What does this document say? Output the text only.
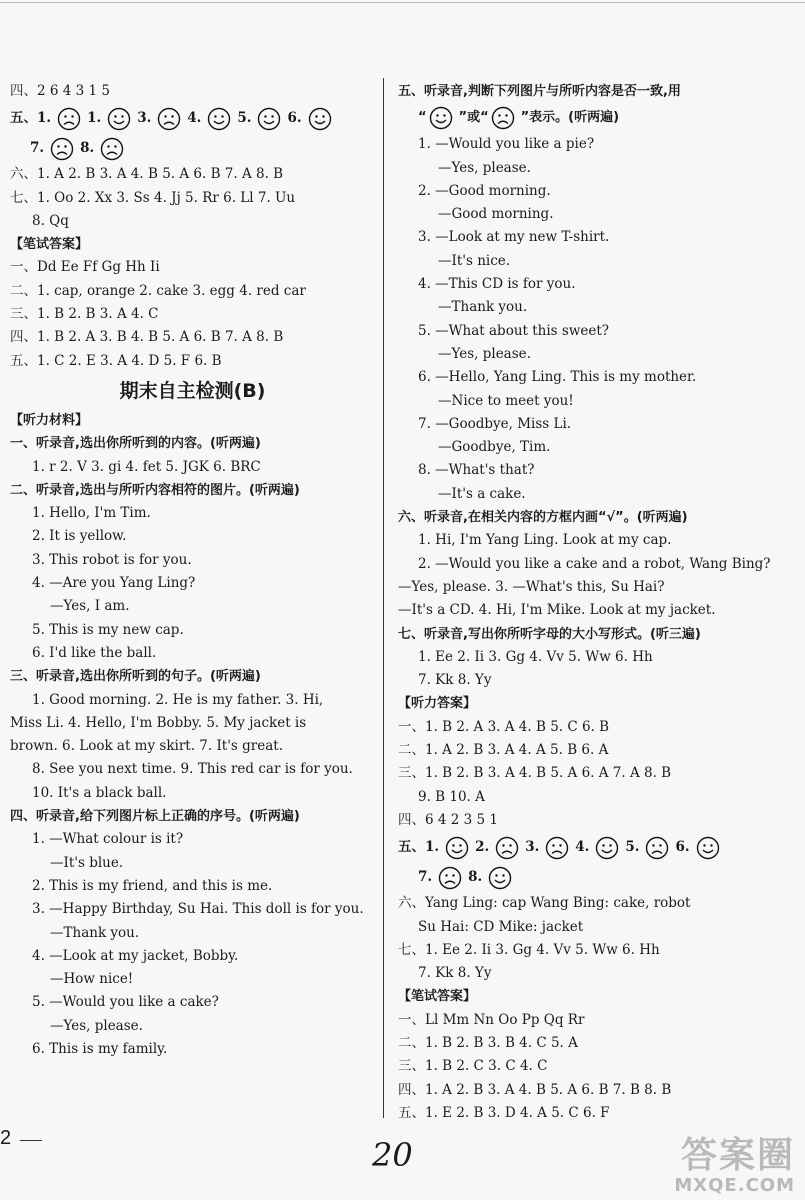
四、2 6 4 3 1 5
五、1.	1.	3.	4.	5.	6.
7.	8.
六、1. A 2. B 3. A 4. B 5. A 6. B 7. A 8. B
七、1. Oo 2. Xx 3. Ss 4. Jj 5. Rr 6. Ll 7. Uu
8. Qq
【笔试答案】
一、Dd Ee Ff Gg Hh Ii
二、1. cap, orange 2. cake 3. egg 4. red car
三、1. B 2. B 3. A 4. C
四、1. B 2. A 3. B 4. B 5. A 6. B 7. A 8. B
五、1. C 2. E 3. A 4. D 5. F 6. B
期末自主检测(B)
【听力材料】
一、听录音,选出你所听到的内容。(听两遍)
1. r 2. V 3. gi 4. fet 5. JGK 6. BRC
二、听录音,选出与所听内容相符的图片。(听两遍)
1. Hello, I'm Tim.
2. It is yellow.
3. This robot is for you.
4. —Are you Yang Ling?
—Yes, I am.
5. This is my new cap.
6. I'd like the ball.
三、听录音,选出你所听到的句子。(听两遍)
1. Good morning. 2. He is my father. 3. Hi,
Miss Li. 4. Hello, I'm Bobby. 5. My jacket is
brown. 6. Look at my skirt. 7. It's great.
8. See you next time. 9. This red car is for you.
10. It's a black ball.
四、听录音,给下列图片标上正确的序号。(听两遍)
1. —What colour is it?
—It's blue.
2. This is my friend, and this is me.
3. —Happy Birthday, Su Hai. This doll is for you.
—Thank you.
4. —Look at my jacket, Bobby.
—How nice!
5. —Would you like a cake?
—Yes, please.
6. This is my family.
五、听录音,判断下列图片与所听内容是否一致,用
“ ”或“ ”表示。(听两遍)
1. —Would you like a pie?
—Yes, please.
2. —Good morning.
—Good morning.
3. —Look at my new T-shirt.
—It's nice.
4. —This CD is for you.
—Thank you.
5. —What about this sweet?
—Yes, please.
6. —Hello, Yang Ling. This is my mother.
—Nice to meet you!
7. —Goodbye, Miss Li.
—Goodbye, Tim.
8. —What's that?
—It's a cake.
六、听录音,在相关内容的方框内画“√”。(听两遍)
1. Hi, I'm Yang Ling. Look at my cap.
2. —Would you like a cake and a robot, Wang Bing?
—Yes, please. 3. —What's this, Su Hai?
—It's a CD. 4. Hi, I'm Mike. Look at my jacket.
七、听录音,写出你所听字母的大小写形式。(听三遍)
1. Ee 2. Ii 3. Gg 4. Vv 5. Ww 6. Hh
7. Kk 8. Yy
【听力答案】
一、1. B 2. A 3. A 4. B 5. C 6. B
二、1. A 2. B 3. A 4. A 5. B 6. A
三、1. B 2. B 3. A 4. B 5. A 6. A 7. A 8. B
9. B 10. A
四、6 4 2 3 5 1
五、1.	2.	3.	4.	5.	6.
7.	8.
六、Yang Ling: cap Wang Bing: cake, robot
Su Hai: CD Mike: jacket
七、1. Ee 2. Ii 3. Gg 4. Vv 5. Ww 6. Hh
7. Kk 8. Yy
【笔试答案】
一、Ll Mm Nn Oo Pp Qq Rr
二、1. B 2. B 3. B 4. C 5. A
三、1. B 2. C 3. C 4. C
四、1. A 2. B 3. A 4. B 5. A 6. B 7. B 8. B
五、1. E 2. B 3. D 4. A 5. C 6. F
2	20	答案圈
MXQE.COM
